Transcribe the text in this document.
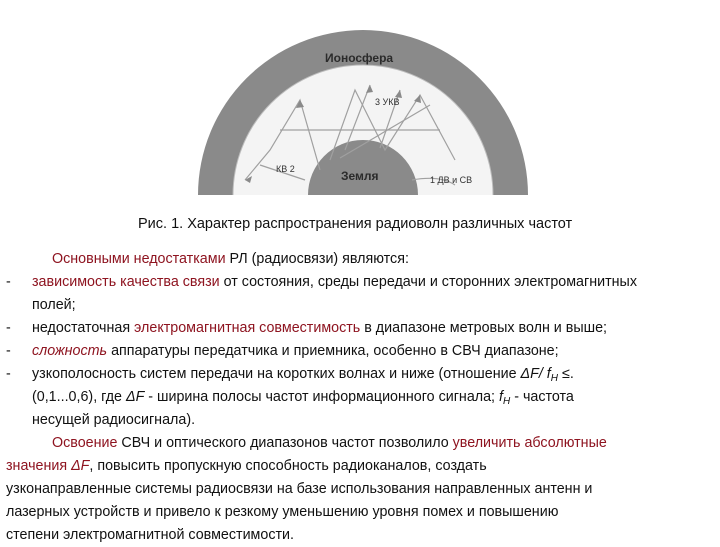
Ионосфера
Земля
3 УКВ
КВ 2
1 ДВ и СВ
Рис. 1. Характер распространения радиоволн различных частот
Основными недостатками РЛ (радиосвязи) являются:
- зависимость качества связи от состояния, среды передачи и сторонних электромагнитных
полей;
- недостаточная электромагнитная совместимость в диапазоне метровых волн и выше;
- сложность аппаратуры передатчика и приемника, особенно в СВЧ диапазоне;
- узкополосность систем передачи на коротких волнах и ниже (отношение ΔF/ $f_H$ ≤.
(0,1...0,6), где ΔF - ширина полосы частот информационного сигнала; $f_H$ - частота
несущей радиосигнала).
Освоение СВЧ и оптического диапазонов частот позволило увеличить абсолютные
значения ΔF, повысить пропускную способность радиоканалов, создать
узконаправленные системы радиосвязи на базе использования направленных антенн и
лазерных устройств и привело к резкому уменьшению уровня помех и повышению
степени электромагнитной совместимости.
